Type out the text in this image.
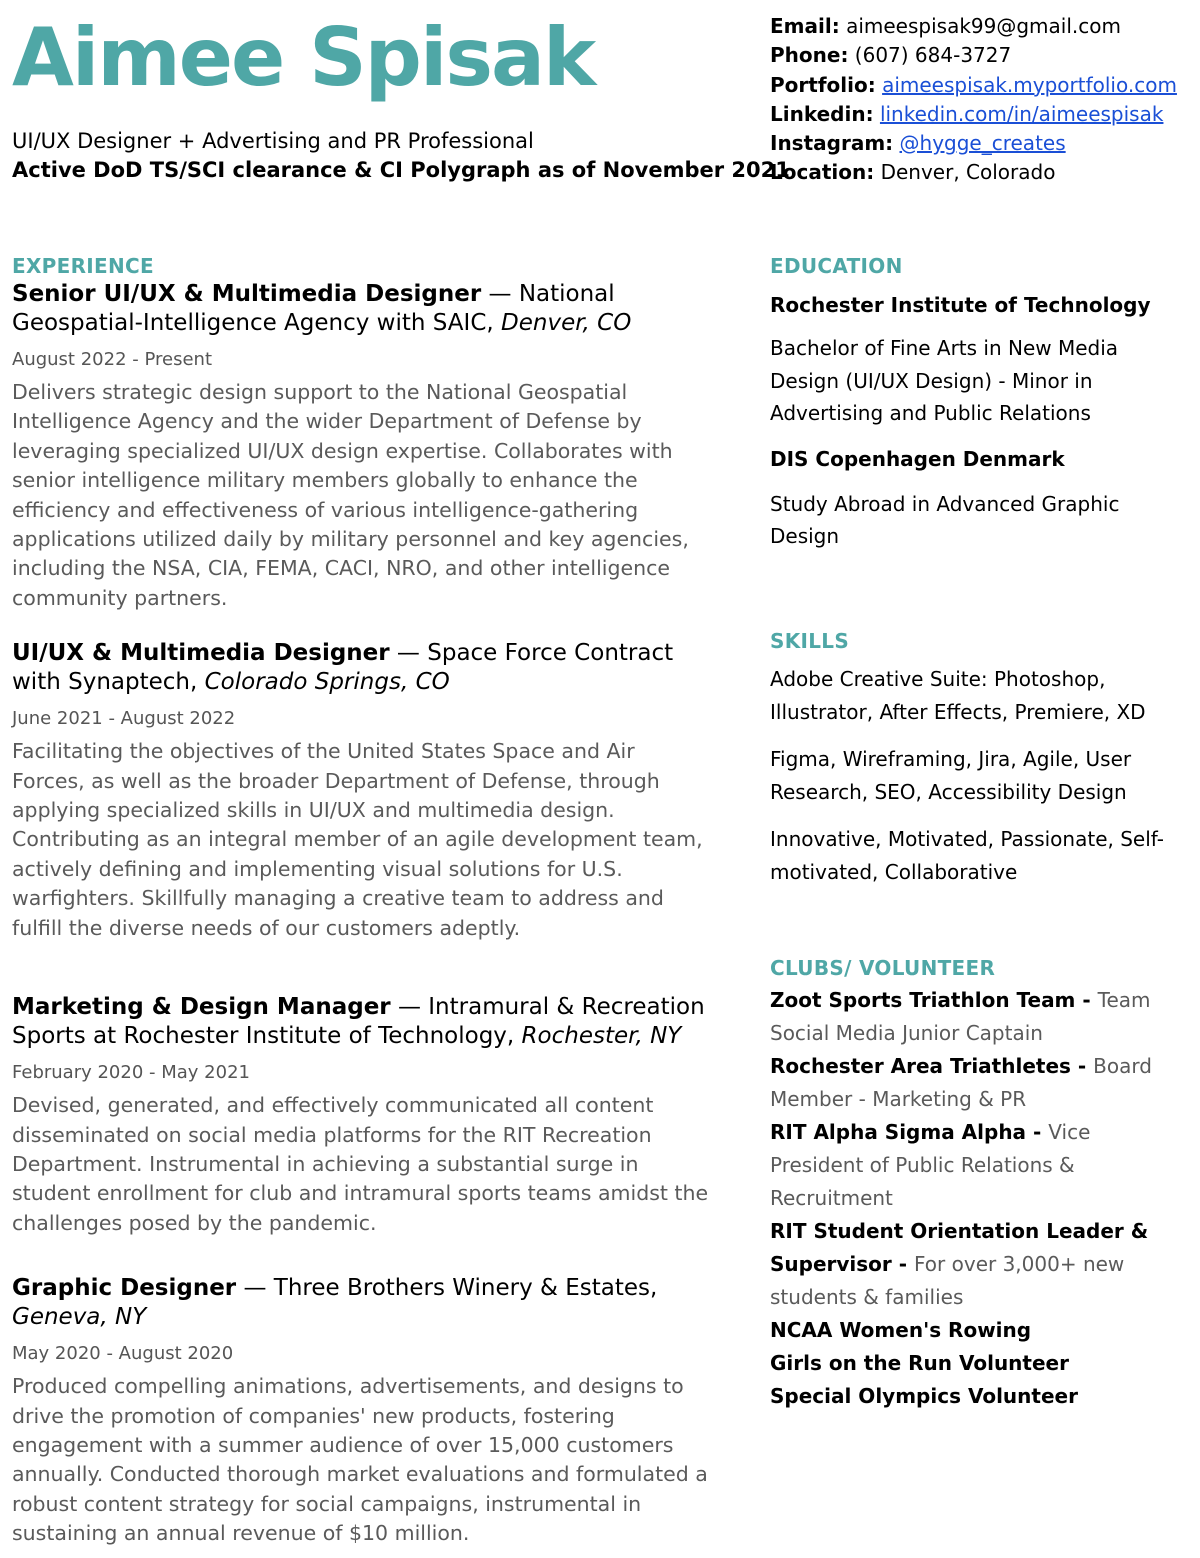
Aimee Spisak
UI/UX Designer + Advertising and PR Professional
Active DoD TS/SCI clearance & CI Polygraph as of November 2021
Email: aimeespisak99@gmail.com
Phone: (607) 684-3727
Portfolio: aimeespisak.myportfolio.com
Linkedin: linkedin.com/in/aimeespisak
Instagram: @hygge_creates
Location: Denver, Colorado
EXPERIENCE

Senior UI/UX & Multimedia Designer — National Geospatial-Intelligence Agency with SAIC, Denver, CO

August 2022 - Present

Delivers strategic design support to the National Geospatial Intelligence Agency and the wider Department of Defense by leveraging specialized UI/UX design expertise. Collaborates with senior intelligence military members globally to enhance the efficiency and effectiveness of various intelligence-gathering applications utilized daily by military personnel and key agencies, including the NSA, CIA, FEMA, CACI, NRO, and other intelligence community partners.

UI/UX & Multimedia Designer — Space Force Contract with Synaptech, Colorado Springs, CO

June 2021 - August 2022

Facilitating the objectives of the United States Space and Air Forces, as well as the broader Department of Defense, through applying specialized skills in UI/UX and multimedia design. Contributing as an integral member of an agile development team, actively defining and implementing visual solutions for U.S. warfighters. Skillfully managing a creative team to address and fulfill the diverse needs of our customers adeptly.

Marketing & Design Manager — Intramural & Recreation Sports at Rochester Institute of Technology, Rochester, NY

February 2020 - May 2021

Devised, generated, and effectively communicated all content disseminated on social media platforms for the RIT Recreation Department. Instrumental in achieving a substantial surge in student enrollment for club and intramural sports teams amidst the challenges posed by the pandemic.

Graphic Designer — Three Brothers Winery & Estates, Geneva, NY

May 2020 - August 2020

Produced compelling animations, advertisements, and designs to drive the promotion of companies' new products, fostering engagement with a summer audience of over 15,000 customers annually. Conducted thorough market evaluations and formulated a robust content strategy for social campaigns, instrumental in sustaining an annual revenue of $10 million.

EDUCATION

Rochester Institute of Technology

Bachelor of Fine Arts in New Media Design (UI/UX Design) - Minor in Advertising and Public Relations

DIS Copenhagen Denmark

Study Abroad in Advanced Graphic Design

SKILLS

Adobe Creative Suite: Photoshop, Illustrator, After Effects, Premiere, XD

Figma, Wireframing, Jira, Agile, User Research, SEO, Accessibility Design

Innovative, Motivated, Passionate, Self-motivated, Collaborative

CLUBS/ VOLUNTEER

Zoot Sports Triathlon Team - Team Social Media Junior Captain

Rochester Area Triathletes - Board Member - Marketing & PR

RIT Alpha Sigma Alpha - Vice President of Public Relations & Recruitment

RIT Student Orientation Leader & Supervisor - For over 3,000+ new students & families

NCAA Women's Rowing

Girls on the Run Volunteer

Special Olympics Volunteer
